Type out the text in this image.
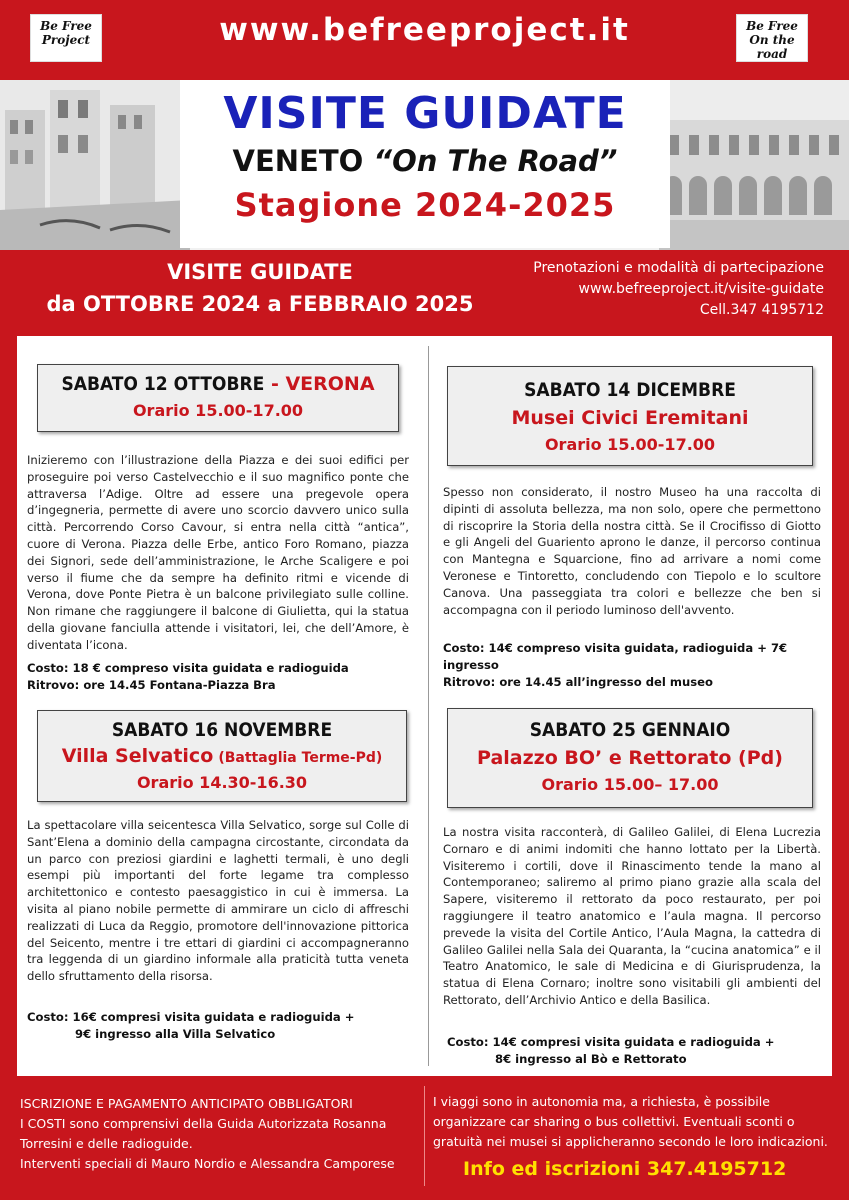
Be Free Project	www.befreeproject.it	Be Free On the road
VISITE GUIDATE
VENETO “On The Road”
Stagione 2024-2025
VISITE GUIDATE
da OTTOBRE 2024 a FEBBRAIO 2025
Prenotazioni e modalità di partecipazione
www.befreeproject.it/visite-guidate
Cell.347 4195712
SABATO 12 OTTOBRE - VERONA
Orario 15.00-17.00
Inizieremo con l’illustrazione della Piazza e dei suoi edifici per proseguire poi verso Castelvecchio e il suo magnifico ponte che attraversa l’Adige. Oltre ad essere una pregevole opera d’ingegneria, permette di avere uno scorcio davvero unico sulla città. Percorrendo Corso Cavour, si entra nella città “antica”, cuore di Verona. Piazza delle Erbe, antico Foro Romano, piazza dei Signori, sede dell’amministrazione, le Arche Scaligere e poi verso il fiume che da sempre ha definito ritmi e vicende di Verona, dove Ponte Pietra è un balcone privilegiato sulle colline. Non rimane che raggiungere il balcone di Giulietta, qui la statua della giovane fanciulla attende i visitatori, lei, che dell’Amore, è diventata l’icona.
Costo: 18 € compreso visita guidata e radioguida
Ritrovo: ore 14.45 Fontana-Piazza Bra
SABATO 14 DICEMBRE
Musei Civici Eremitani
Orario 15.00-17.00
Spesso non considerato, il nostro Museo ha una raccolta di dipinti di assoluta bellezza, ma non solo, opere che permettono di riscoprire la Storia della nostra città. Se il Crocifisso di Giotto e gli Angeli del Guariento aprono le danze, il percorso continua con Mantegna e Squarcione, fino ad arrivare a nomi come Veronese e Tintoretto, concludendo con Tiepolo e lo scultore Canova. Una passeggiata tra colori e bellezze che ben si accompagna con il periodo luminoso dell'avvento.
Costo: 14€ compreso visita guidata, radioguida + 7€ ingresso
Ritrovo: ore 14.45 all’ingresso del museo
SABATO 16 NOVEMBRE
Villa Selvatico (Battaglia Terme-Pd)
Orario 14.30-16.30
La spettacolare villa seicentesca Villa Selvatico, sorge sul Colle di Sant’Elena a dominio della campagna circostante, circondata da un parco con preziosi giardini e laghetti termali, è uno degli esempi più importanti del forte legame tra complesso architettonico e contesto paesaggistico in cui è immersa. La visita al piano nobile permette di ammirare un ciclo di affreschi realizzati di Luca da Reggio, promotore dell'innovazione pittorica del Seicento, mentre i tre ettari di giardini ci accompagneranno tra leggenda di un giardino informale alla praticità tutta veneta dello sfruttamento della risorsa.
Costo: 16€ compresi visita guidata e radioguida +
9€ ingresso alla Villa Selvatico
SABATO 25 GENNAIO
Palazzo BO’ e Rettorato (Pd)
Orario 15.00– 17.00
La nostra visita racconterà, di Galileo Galilei, di Elena Lucrezia Cornaro e di animi indomiti che hanno lottato per la Libertà. Visiteremo i cortili, dove il Rinascimento tende la mano al Contemporaneo; saliremo al primo piano grazie alla scala del Sapere, visiteremo il rettorato da poco restaurato, per poi raggiungere il teatro anatomico e l’aula magna. Il percorso prevede la visita del Cortile Antico, l’Aula Magna, la cattedra di Galileo Galilei nella Sala dei Quaranta, la “cucina anatomica” e il Teatro Anatomico, le sale di Medicina e di Giurisprudenza, la statua di Elena Cornaro; inoltre sono visitabili gli ambienti del Rettorato, dell’Archivio Antico e della Basilica.
Costo: 14€ compresi visita guidata e radioguida +
8€ ingresso al Bò e Rettorato
ISCRIZIONE E PAGAMENTO ANTICIPATO OBBLIGATORI
I COSTI sono comprensivi della Guida Autorizzata Rosanna Torresini e delle radioguide.
Interventi speciali di Mauro Nordio e Alessandra Camporese
I viaggi sono in autonomia ma, a richiesta, è possibile organizzare car sharing o bus collettivi. Eventuali sconti o gratuità nei musei si applicheranno secondo le loro indicazioni.
Info ed iscrizioni 347.4195712
